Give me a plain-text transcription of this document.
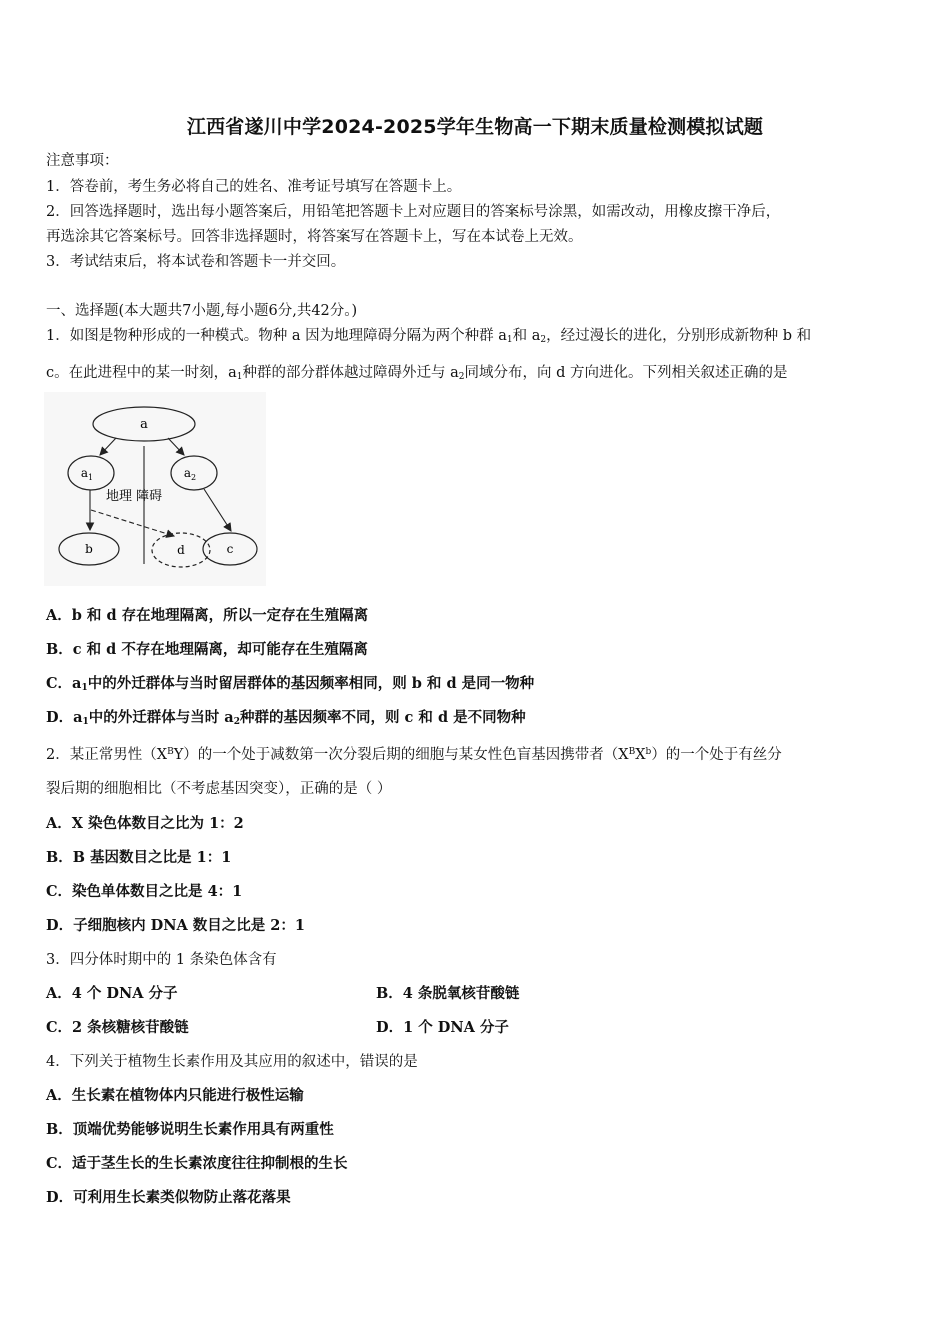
江西省遂川中学2024-2025学年生物高一下期末质量检测模拟试题
注意事项：
1．答卷前，考生务必将自己的姓名、准考证号填写在答题卡上。
2．回答选择题时，选出每小题答案后，用铅笔把答题卡上对应题目的答案标号涂黑，如需改动，用橡皮擦干净后，
再选涂其它答案标号。回答非选择题时，将答案写在答题卡上，写在本试卷上无效。
3．考试结束后，将本试卷和答题卡一并交回。
一、选择题(本大题共7小题,每小题6分,共42分。)
1．如图是物种形成的一种模式。物种 a 因为地理障碍分隔为两个种群 $a_1$和 $a_2$，经过漫长的进化，分别形成新物种 b 和
c。在此进程中的某一时刻，$a_1$种群的部分群体越过障碍外迁与 $a_2$同域分布，向 d 方向进化。下列相关叙述正确的是
a
$a_1$	$a_2$
地理 障碍
b	d	c
A．b 和 d 存在地理隔离，所以一定存在生殖隔离
B．c 和 d 不存在地理隔离，却可能存在生殖隔离
C．$a_1$中的外迁群体与当时留居群体的基因频率相同，则 b 和 d 是同一物种
D．$a_1$中的外迁群体与当时 $a_2$种群的基因频率不同，则 c 和 d 是不同物种
2．某正常男性$(X^BY)$的一个处于减数第一次分裂后期的细胞与某女性色盲基因携带者$(X^BX^b)$的一个处于有丝分
裂后期的细胞相比（不考虑基因突变），正确的是（ ）
A．X 染色体数目之比为 1：2
B．B 基因数目之比是 1：1
C．染色单体数目之比是 4：1
D．子细胞核内 DNA 数目之比是 2：1
3．四分体时期中的 1 条染色体含有
A．4 个 DNA 分子	B．4 条脱氧核苷酸链
C．2 条核糖核苷酸链	D．1 个 DNA 分子
4．下列关于植物生长素作用及其应用的叙述中，错误的是
A．生长素在植物体内只能进行极性运输
B．顶端优势能够说明生长素作用具有两重性
C．适于茎生长的生长素浓度往往抑制根的生长
D．可利用生长素类似物防止落花落果
